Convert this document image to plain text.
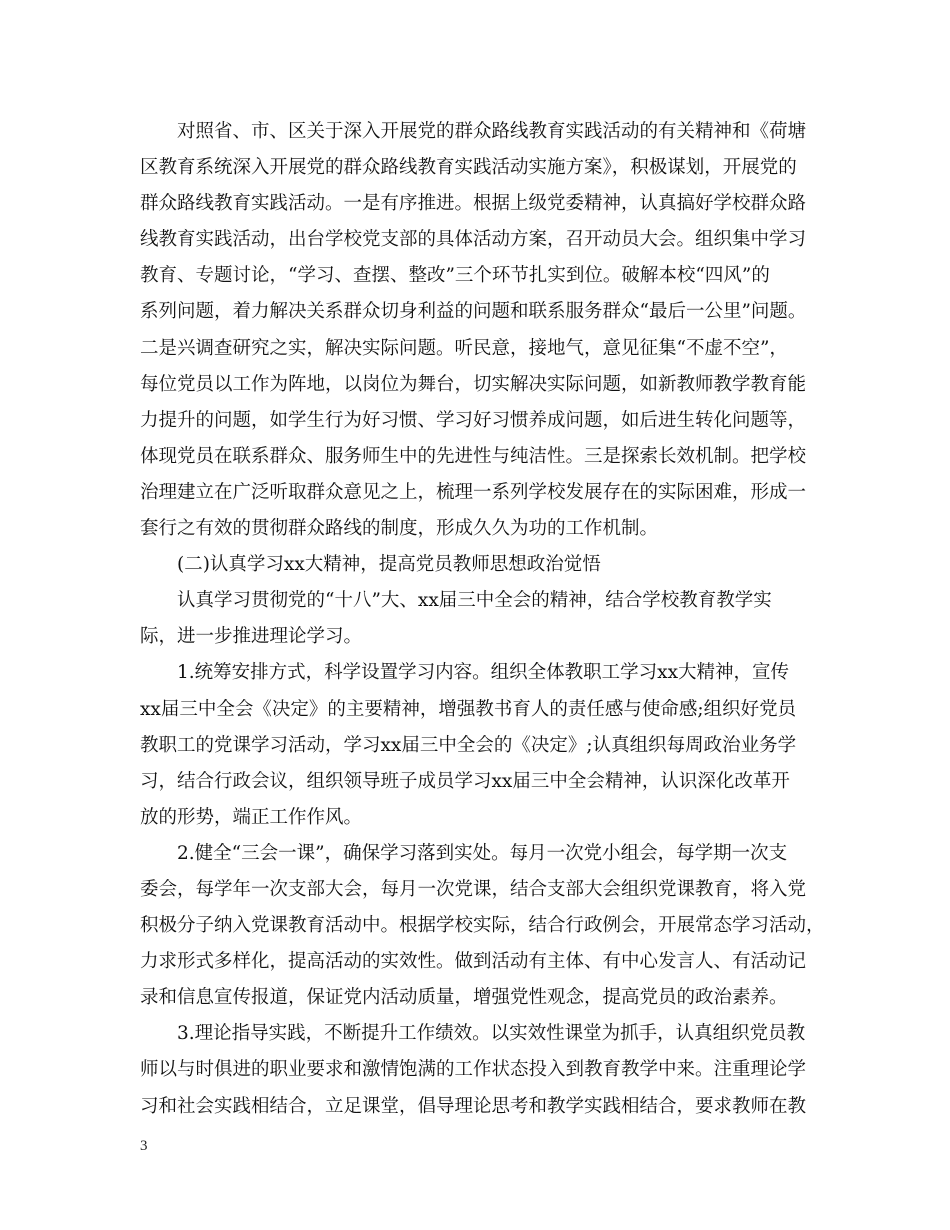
对照省、市、区关于深入开展党的群众路线教育实践活动的有关精神和《荷塘
区教育系统深入开展党的群众路线教育实践活动实施方案》，积极谋划，开展党的
群众路线教育实践活动。一是有序推进。根据上级党委精神，认真搞好学校群众路
线教育实践活动，出台学校党支部的具体活动方案，召开动员大会。组织集中学习
教育、专题讨论，“学习、查摆、整改”三个环节扎实到位。破解本校“四风”的
系列问题，着力解决关系群众切身利益的问题和联系服务群众“最后一公里”问题。
二是兴调查研究之实，解决实际问题。听民意，接地气，意见征集“不虚不空”，
每位党员以工作为阵地，以岗位为舞台，切实解决实际问题，如新教师教学教育能
力提升的问题，如学生行为好习惯、学习好习惯养成问题，如后进生转化问题等，
体现党员在联系群众、服务师生中的先进性与纯洁性。三是探索长效机制。把学校
治理建立在广泛听取群众意见之上，梳理一系列学校发展存在的实际困难，形成一
套行之有效的贯彻群众路线的制度，形成久久为功的工作机制。
(二)认真学习xx大精神，提高党员教师思想政治觉悟
认真学习贯彻党的“十八”大、xx届三中全会的精神，结合学校教育教学实
际，进一步推进理论学习。
1.统筹安排方式，科学设置学习内容。组织全体教职工学习xx大精神，宣传
xx届三中全会《决定》的主要精神，增强教书育人的责任感与使命感;组织好党员
教职工的党课学习活动，学习xx届三中全会的《决定》;认真组织每周政治业务学
习，结合行政会议，组织领导班子成员学习xx届三中全会精神，认识深化改革开
放的形势，端正工作作风。
2.健全“三会一课”，确保学习落到实处。每月一次党小组会，每学期一次支
委会，每学年一次支部大会，每月一次党课，结合支部大会组织党课教育，将入党
积极分子纳入党课教育活动中。根据学校实际，结合行政例会，开展常态学习活动，
力求形式多样化，提高活动的实效性。做到活动有主体、有中心发言人、有活动记
录和信息宣传报道，保证党内活动质量，增强党性观念，提高党员的政治素养。
3.理论指导实践，不断提升工作绩效。以实效性课堂为抓手，认真组织党员教
师以与时俱进的职业要求和激情饱满的工作状态投入到教育教学中来。注重理论学
习和社会实践相结合，立足课堂，倡导理论思考和教学实践相结合，要求教师在教
3
